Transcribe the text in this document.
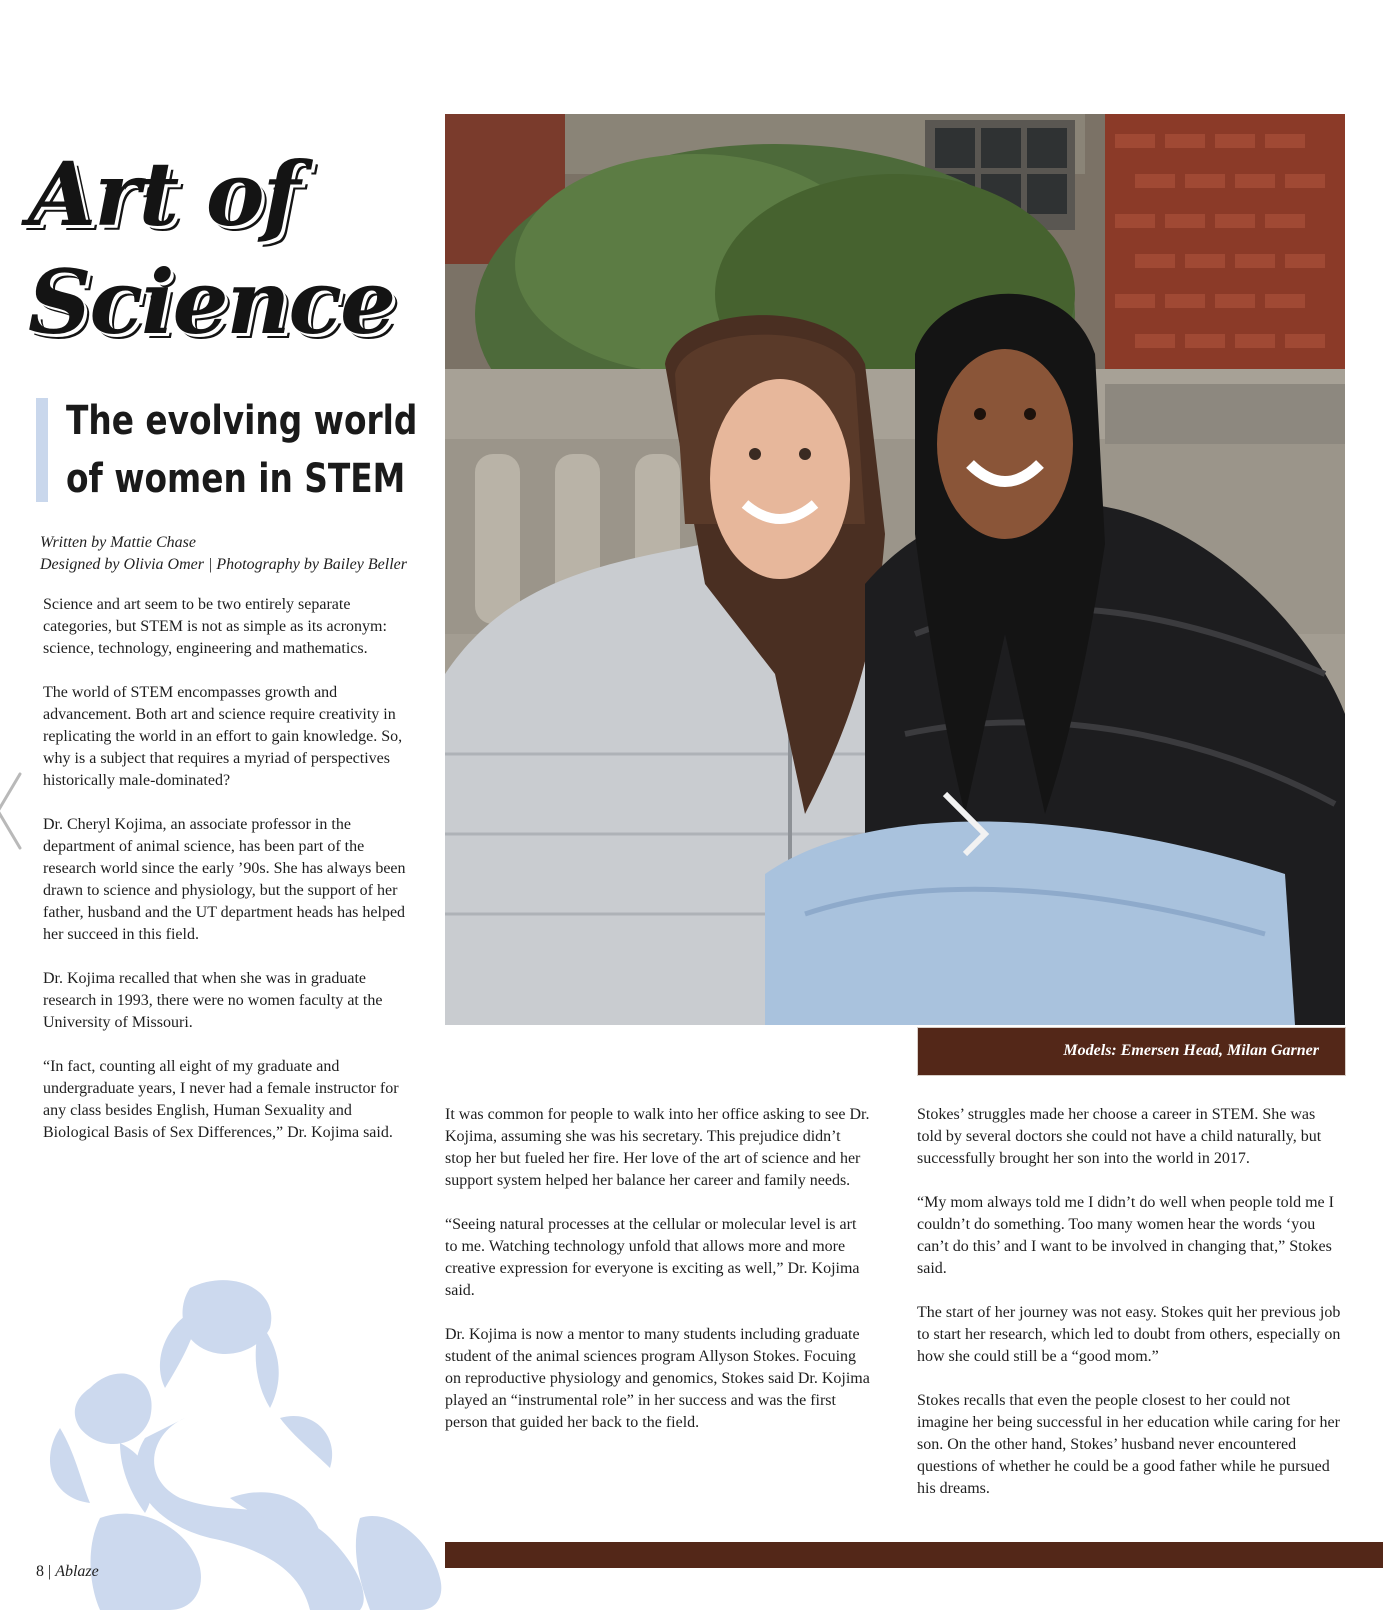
Art of
Science
The evolving world
of women in STEM
Written by Mattie Chase
Designed by Olivia Omer | Photography by Bailey Beller

Science and art seem to be two entirely separate categories, but STEM is not as simple as its acronym: science, technology, engineering and mathematics.

The world of STEM encompasses growth and advancement. Both art and science require creativity in replicating the world in an effort to gain knowledge. So, why is a subject that requires a myriad of perspectives historically male-dominated?

Dr. Cheryl Kojima, an associate professor in the department of animal science, has been part of the research world since the early ’90s. She has always been drawn to science and physiology, but the support of her father, husband and the UT department heads has helped her succeed in this field.

Dr. Kojima recalled that when she was in graduate research in 1993, there were no women faculty at the University of Missouri.

“In fact, counting all eight of my graduate and undergraduate years, I never had a female instructor for any class besides English, Human Sexuality and Biological Basis of Sex Differences,” Dr. Kojima said.

Models: Emersen Head, Milan Garner

It was common for people to walk into her office asking to see Dr. Kojima, assuming she was his secretary. This prejudice didn’t stop her but fueled her fire. Her love of the art of science and her support system helped her balance her career and family needs.

“Seeing natural processes at the cellular or molecular level is art to me. Watching technology unfold that allows more and more creative expression for everyone is exciting as well,” Dr. Kojima said.

Dr. Kojima is now a mentor to many students including graduate student of the animal sciences program Allyson Stokes. Focuing on reproductive physiology and genomics, Stokes said Dr. Kojima played an “instrumental role” in her success and was the first person that guided her back to the field.

Stokes’ struggles made her choose a career in STEM. She was told by several doctors she could not have a child naturally, but successfully brought her son into the world in 2017.

“My mom always told me I didn’t do well when people told me I couldn’t do something. Too many women hear the words ‘you can’t do this’ and I want to be involved in changing that,” Stokes said.

The start of her journey was not easy. Stokes quit her previous job to start her research, which led to doubt from others, especially on how she could still be a “good mom.”

Stokes recalls that even the people closest to her could not imagine her being successful in her education while caring for her son. On the other hand, Stokes’ husband never encountered questions of whether he could be a good father while he pursued his dreams.

8 | Ablaze
